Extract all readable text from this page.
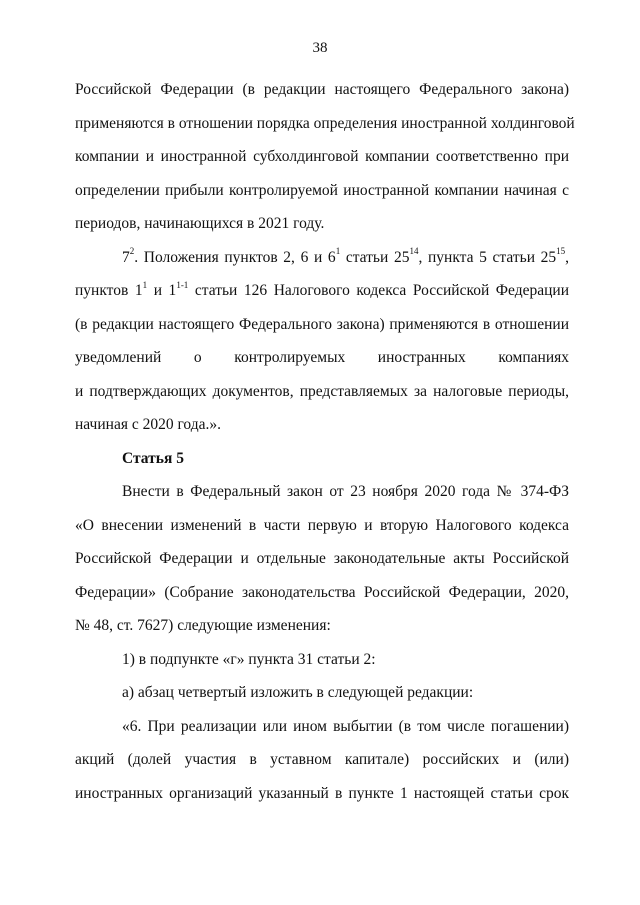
38
Российской Федерации (в редакции настоящего Федерального закона)
применяются в отношении порядка определения иностранной холдинговой
компании и иностранной субхолдинговой компании соответственно при
определении прибыли контролируемой иностранной компании начиная с
периодов, начинающихся в 2021 году.
$7^2$. Положения пунктов 2, 6 и $6^1$ статьи $25^{14}$, пункта 5 статьи $25^{15}$,
пунктов $1^1$ и 1$^{1-1}$ статьи 126 Налогового кодекса Российской Федерации
(в редакции настоящего Федерального закона) применяются в отношении
уведомлений о контролируемых иностранных компаниях
и подтверждающих документов, представляемых за налоговые периоды,
начиная с 2020 года.».
Статья 5
Внести в Федеральный закон от 23 ноября 2020 года № 374-ФЗ
«О внесении изменений в части первую и вторую Налогового кодекса
Российской Федерации и отдельные законодательные акты Российской
Федерации» (Собрание законодательства Российской Федерации, 2020,
№ 48, ст. 7627) следующие изменения:
1) в подпункте «г» пункта 31 статьи 2:
а) абзац четвертый изложить в следующей редакции:
«6. При реализации или ином выбытии (в том числе погашении)
акций (долей участия в уставном капитале) российских и (или)
иностранных организаций указанный в пункте 1 настоящей статьи срок
